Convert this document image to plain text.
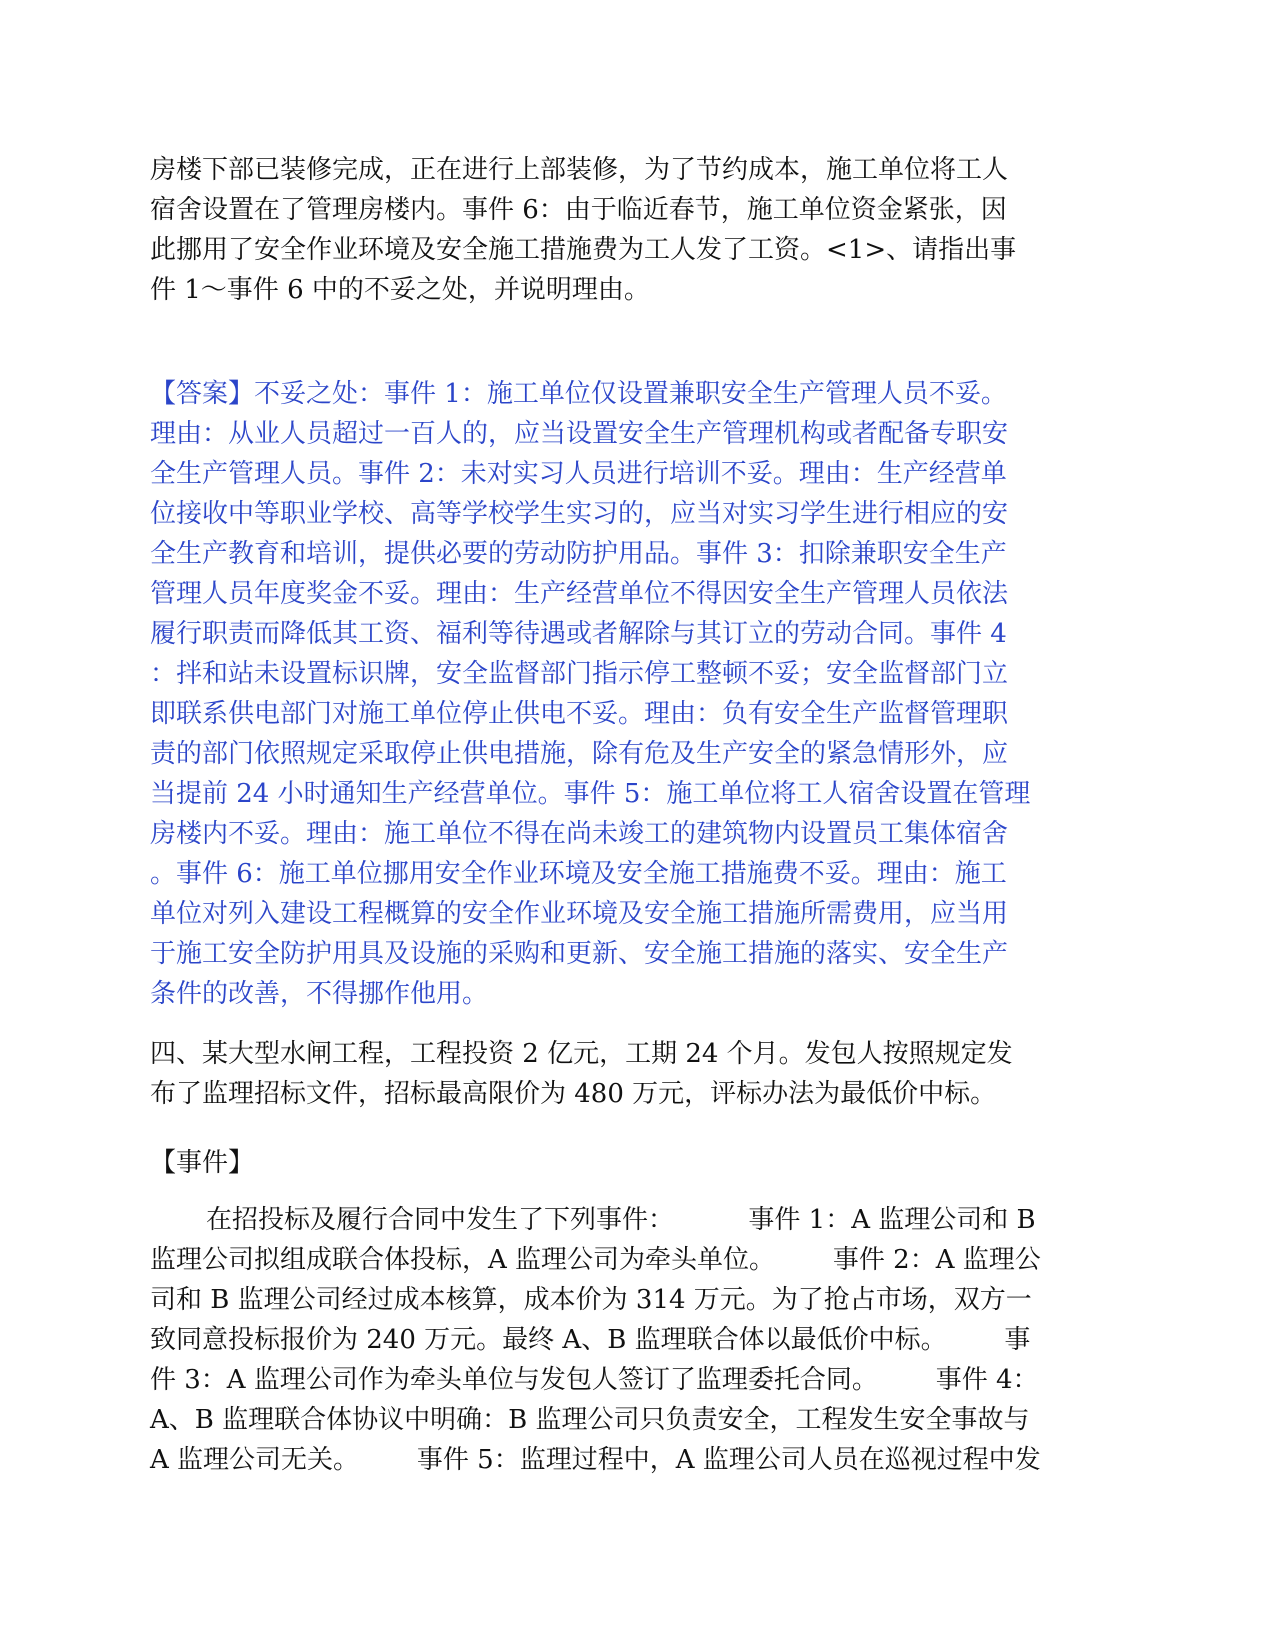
房楼下部已装修完成，正在进行上部装修，为了节约成本，施工单位将工人
宿舍设置在了管理房楼内。事件 6：由于临近春节，施工单位资金紧张，因
此挪用了安全作业环境及安全施工措施费为工人发了工资。<1>、请指出事
件 1～事件 6 中的不妥之处，并说明理由。
【答案】不妥之处：事件 1：施工单位仅设置兼职安全生产管理人员不妥。
理由：从业人员超过一百人的，应当设置安全生产管理机构或者配备专职安
全生产管理人员。事件 2：未对实习人员进行培训不妥。理由：生产经营单
位接收中等职业学校、高等学校学生实习的，应当对实习学生进行相应的安
全生产教育和培训，提供必要的劳动防护用品。事件 3：扣除兼职安全生产
管理人员年度奖金不妥。理由：生产经营单位不得因安全生产管理人员依法
履行职责而降低其工资、福利等待遇或者解除与其订立的劳动合同。事件 4
：拌和站未设置标识牌，安全监督部门指示停工整顿不妥；安全监督部门立
即联系供电部门对施工单位停止供电不妥。理由：负有安全生产监督管理职
责的部门依照规定采取停止供电措施，除有危及生产安全的紧急情形外，应
当提前 24 小时通知生产经营单位。事件 5：施工单位将工人宿舍设置在管理
房楼内不妥。理由：施工单位不得在尚未竣工的建筑物内设置员工集体宿舍
。事件 6：施工单位挪用安全作业环境及安全施工措施费不妥。理由：施工
单位对列入建设工程概算的安全作业环境及安全施工措施所需费用，应当用
于施工安全防护用具及设施的采购和更新、安全施工措施的落实、安全生产
条件的改善，不得挪作他用。
四、某大型水闸工程，工程投资 2 亿元，工期 24 个月。发包人按照规定发
布了监理招标文件，招标最高限价为 480 万元，评标办法为最低价中标。
【事件】
在招投标及履行合同中发生了下列事件：         事件 1：A 监理公司和 B
监理公司拟组成联合体投标，A 监理公司为牵头单位。       事件 2：A 监理公
司和 B 监理公司经过成本核算，成本价为 314 万元。为了抢占市场，双方一
致同意投标报价为 240 万元。最终 A、B 监理联合体以最低价中标。       事
件 3：A 监理公司作为牵头单位与发包人签订了监理委托合同。       事件 4：
A、B 监理联合体协议中明确：B 监理公司只负责安全，工程发生安全事故与
A 监理公司无关。       事件 5：监理过程中，A 监理公司人员在巡视过程中发
